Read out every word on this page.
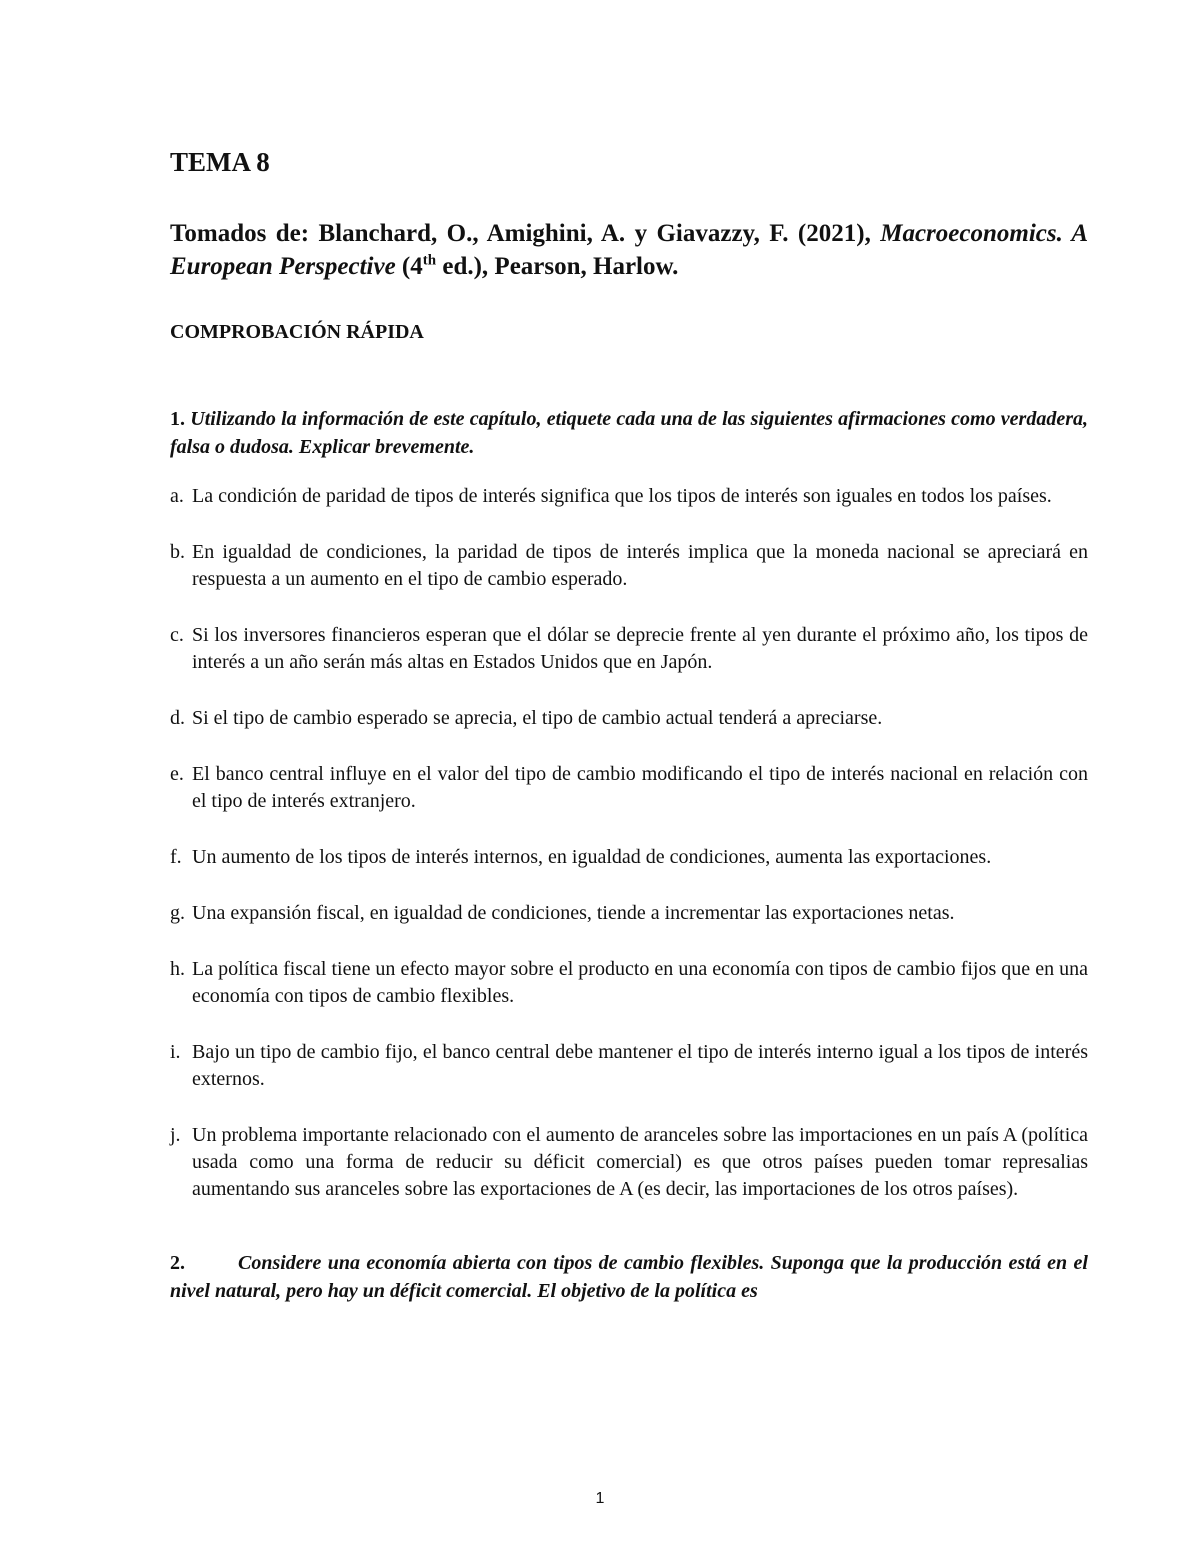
TEMA 8

Tomados de: Blanchard, O., Amighini, A. y Giavazzy, F. (2021), Macroeconomics. A European Perspective (4th ed.), Pearson, Harlow.

COMPROBACIÓN RÁPIDA

1. Utilizando la información de este capítulo, etiquete cada una de las siguientes afirmaciones como verdadera, falsa o dudosa. Explicar brevemente.

a. La condición de paridad de tipos de interés significa que los tipos de interés son iguales en todos los países.
b. En igualdad de condiciones, la paridad de tipos de interés implica que la moneda nacional se apreciará en respuesta a un aumento en el tipo de cambio esperado.
c. Si los inversores financieros esperan que el dólar se deprecie frente al yen durante el próximo año, los tipos de interés a un año serán más altas en Estados Unidos que en Japón.
d. Si el tipo de cambio esperado se aprecia, el tipo de cambio actual tenderá a apreciarse.
e. El banco central influye en el valor del tipo de cambio modificando el tipo de interés nacional en relación con el tipo de interés extranjero.
f. Un aumento de los tipos de interés internos, en igualdad de condiciones, aumenta las exportaciones.
g. Una expansión fiscal, en igualdad de condiciones, tiende a incrementar las exportaciones netas.
h. La política fiscal tiene un efecto mayor sobre el producto en una economía con tipos de cambio fijos que en una economía con tipos de cambio flexibles.
i. Bajo un tipo de cambio fijo, el banco central debe mantener el tipo de interés interno igual a los tipos de interés externos.
j. Un problema importante relacionado con el aumento de aranceles sobre las importaciones en un país A (política usada como una forma de reducir su déficit comercial) es que otros países pueden tomar represalias aumentando sus aranceles sobre las exportaciones de A (es decir, las importaciones de los otros países).

2.	Considere una economía abierta con tipos de cambio flexibles. Suponga que la producción está en el nivel natural, pero hay un déficit comercial. El objetivo de la política es

1
